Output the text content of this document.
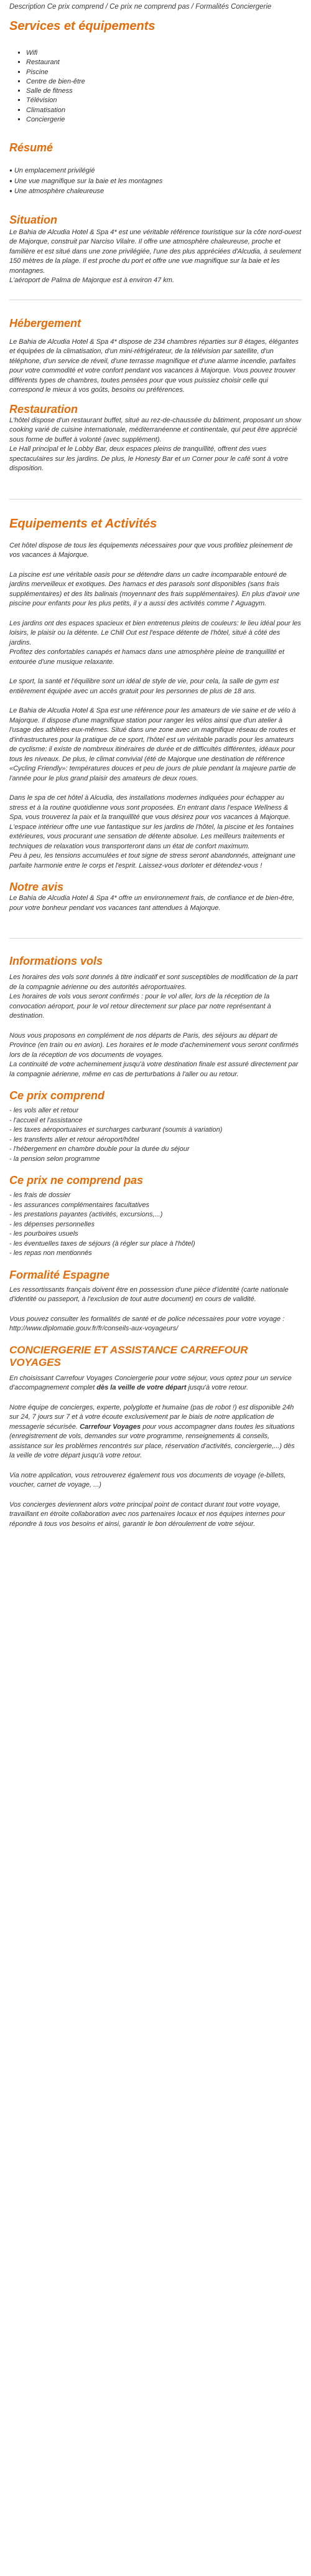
Description Ce prix comprend / Ce prix ne comprend pas / Formalités Conciergerie
Services et équipements
▪ Wifi
▪ Restaurant
▪ Piscine
▪ Centre de bien-être
▪ Salle de fitness
▪ Télévision
▪ Climatisation
▪ Conciergerie
Résumé
● Un emplacement privilégié
● Une vue magnifique sur la baie et les montagnes
● Une atmosphère chaleureuse
Situation

Le Bahia de Alcudia Hotel & Spa 4* est une véritable référence touristique sur la côte nord-ouest de Majorque, construit par Narciso Vilalre. Il offre une atmosphère chaleureuse, proche et familière et est situé dans une zone privilégiée, l'une des plus appréciées d'Alcudia, à seulement 150 mètres de la plage. Il est proche du port et offre une vue magnifique sur la baie et les montagnes.

L'aéroport de Palma de Majorque est à environ 47 km.

Hébergement

Le Bahia de Alcudia Hotel & Spa 4* dispose de 234 chambres réparties sur 8 étages, élégantes et équipées de la climatisation, d'un mini-réfrigérateur, de la télévision par satellite, d'un téléphone, d'un service de réveil, d'une terrasse magnifique et d'une alarme incendie, parfaites pour votre commodité et votre confort pendant vos vacances à Majorque. Vous pouvez trouver différents types de chambres, toutes pensées pour que vous puissiez choisir celle qui correspond le mieux à vos goûts, besoins ou préférences.

Restauration

L'hôtel dispose d'un restaurant buffet, situé au rez-de-chaussée du bâtiment, proposant un show cooking varié de cuisine internationale, méditerranéenne et continentale, qui peut être apprécié sous forme de buffet à volonté (avec supplément).

Le Hall principal et le Lobby Bar, deux espaces pleins de tranquillité, offrent des vues spectaculaires sur les jardins. De plus, le Honesty Bar et un Corner pour le café sont à votre disposition.

Equipements et Activités

Cet hôtel dispose de tous les équipements nécessaires pour que vous profitiez pleinement de vos vacances à Majorque.

La piscine est une véritable oasis pour se détendre dans un cadre incomparable entouré de jardins merveilleux et exotiques. Des hamacs et des parasols sont disponibles (sans frais supplémentaires) et des lits balinais (moyennant des frais supplémentaires). En plus d'avoir une piscine pour enfants pour les plus petits, il y a aussi des activités comme l' Aguagym.

Les jardins ont des espaces spacieux et bien entretenus pleins de couleurs: le lieu idéal pour les loisirs, le plaisir ou la détente. Le Chill Out est l'espace détente de l'hôtel, situé à côté des jardins.

Profitez des confortables canapés et hamacs dans une atmosphère pleine de tranquillité et entourée d'une musique relaxante.

Le sport, la santé et l'équilibre sont un idéal de style de vie, pour cela, la salle de gym est entièrement équipée avec un accès gratuit pour les personnes de plus de 18 ans.

Le Bahia de Alcudia Hotel & Spa est une référence pour les amateurs de vie saine et de vélo à Majorque. Il dispose d'une magnifique station pour ranger les vélos ainsi que d'un atelier à l'usage des athlètes eux-mêmes. Situé dans une zone avec un magnifique réseau de routes et d'infrastructures pour la pratique de ce sport, l'hôtel est un véritable paradis pour les amateurs de cyclisme: il existe de nombreux itinéraires de durée et de difficultés différentes, idéaux pour tous les niveaux. De plus, le climat convivial (été de Majorque une destination de référence «Cycling Friendly»: températures douces et peu de jours de pluie pendant la majeure partie de l'année pour le plus grand plaisir des amateurs de deux roues.

Dans le spa de cet hôtel à Alcudia, des installations modernes indiquées pour échapper au stress et à la routine quotidienne vous sont proposées. En entrant dans l'espace Wellness & Spa, vous trouverez la paix et la tranquillité que vous désirez pour vos vacances à Majorque.

L'espace intérieur offre une vue fantastique sur les jardins de l'hôtel, la piscine et les fontaines extérieures, vous procurant une sensation de détente absolue. Les meilleurs traitements et techniques de relaxation vous transporteront dans un état de confort maximum.

Peu à peu, les tensions accumulées et tout signe de stress seront abandonnés, atteignant une parfaite harmonie entre le corps et l'esprit. Laissez-vous dorloter et détendez-vous !

Notre avis

Le Bahia de Alcudia Hotel & Spa 4* offre un environnement frais, de confiance et de bien-être, pour votre bonheur pendant vos vacances tant attendues à Majorque.

Informations vols

Les horaires des vols sont donnés à titre indicatif et sont susceptibles de modification de la part de la compagnie aérienne ou des autorités aéroportuaires.

Les horaires de vols vous seront confirmés : pour le vol aller, lors de la réception de la convocation aéroport, pour le vol retour directement sur place par notre représentant à destination.

Nous vous proposons en complément de nos départs de Paris, des séjours au départ de Province (en train ou en avion). Les horaires et le mode d'acheminement vous seront confirmés lors de la réception de vos documents de voyages.

La continuité de votre acheminement jusqu'à votre destination finale est assuré directement par la compagnie aérienne, même en cas de perturbations à l'aller ou au retour.

Ce prix comprend
- les vols aller et retour
- l'accueil et l'assistance
- les taxes aéroportuaires et surcharges carburant (soumis à variation)
- les transferts aller et retour aéroport/hôtel
- l'hébergement en chambre double pour la durée du séjour
- la pension selon programme
Ce prix ne comprend pas
- les frais de dossier
- les assurances complémentaires facultatives
- les prestations payantes (activités, excursions,...)
- les dépenses personnelles
- les pourboires usuels
- les éventuelles taxes de séjours (à régler sur place à l'hôtel)
- les repas non mentionnés
Formalité Espagne

Les ressortissants français doivent être en possession d'une pièce d'identité (carte nationale d'identité ou passeport, à l'exclusion de tout autre document) en cours de validité.

Vous pouvez consulter les formalités de santé et de police nécessaires pour votre voyage : http://www.diplomatie.gouv.fr/fr/conseils-aux-voyageurs/

CONCIERGERIE ET ASSISTANCE CARREFOUR VOYAGES

En choisissant Carrefour Voyages Conciergerie pour votre séjour, vous optez pour un service d'accompagnement complet dès la veille de votre départ jusqu'à votre retour.

Notre équipe de concierges, experte, polyglotte et humaine (pas de robot !) est disponible 24h sur 24, 7 jours sur 7 et à votre écoute exclusivement par le biais de notre application de messagerie sécurisée. Carrefour Voyages pour vous accompagner dans toutes les situations (enregistrement de vols, demandes sur votre programme, renseignements & conseils, assistance sur les problèmes rencontrés sur place, réservation d'activités, conciergerie,...) dès la veille de votre départ jusqu'à votre retour.

Via notre application, vous retrouverez également tous vos documents de voyage (e-billets, voucher, carnet de voyage, ...)

Vos concierges deviennent alors votre principal point de contact durant tout votre voyage, travaillant en étroite collaboration avec nos partenaires locaux et nos équipes internes pour répondre à tous vos besoins et ainsi, garantir le bon déroulement de votre séjour.
